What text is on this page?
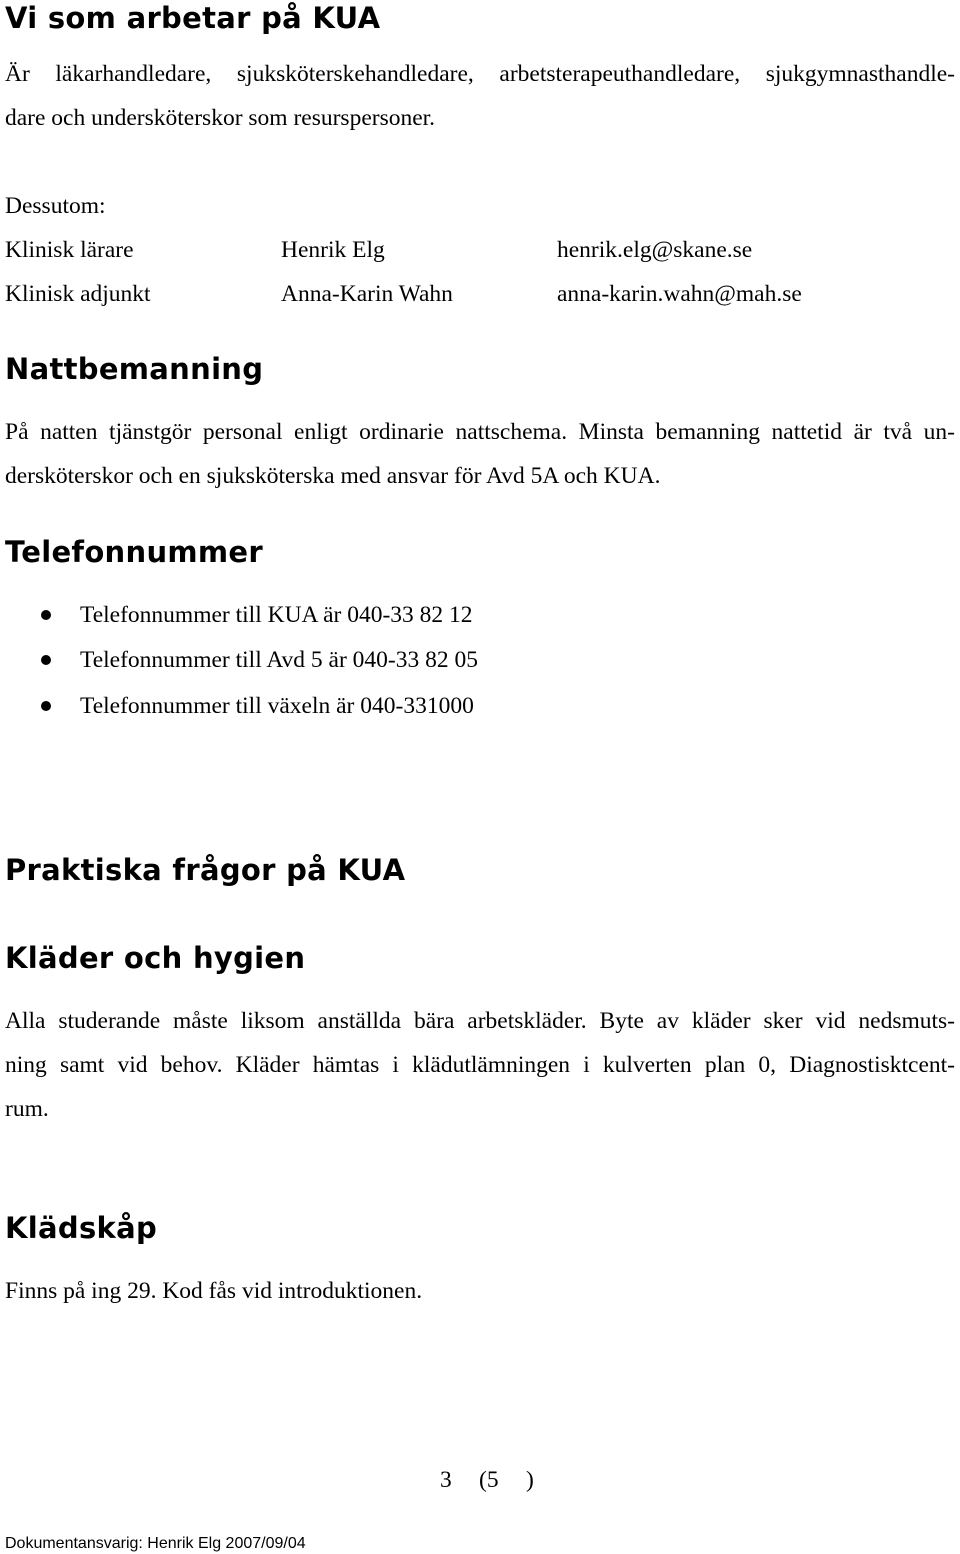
Vi som arbetar på KUA
Är läkarhandledare, sjuksköterskehandledare, arbetsterapeuthandledare, sjukgymnasthandle-
dare och undersköterskor som resurspersoner.
Dessutom:
Klinisk lärare	Henrik Elg	henrik.elg@skane.se
Klinisk adjunkt	Anna-Karin Wahn	anna-karin.wahn@mah.se
Nattbemanning
På natten tjänstgör personal enligt ordinarie nattschema. Minsta bemanning nattetid är två un-
dersköterskor och en sjuksköterska med ansvar för Avd 5A och KUA.
Telefonnummer
Telefonnummer till KUA är 040-33 82 12
Telefonnummer till Avd 5 är 040-33 82 05
Telefonnummer till växeln är 040-331000
Praktiska frågor på KUA
Kläder och hygien
Alla studerande måste liksom anställda bära arbetskläder. Byte av kläder sker vid nedsmuts-
ning samt vid behov. Kläder hämtas i klädutlämningen i kulverten plan 0, Diagnostisktcent-
rum.
Klädskåp
Finns på ing 29. Kod fås vid introduktionen.
3 (5 )
Dokumentansvarig: Henrik Elg 2007/09/04
